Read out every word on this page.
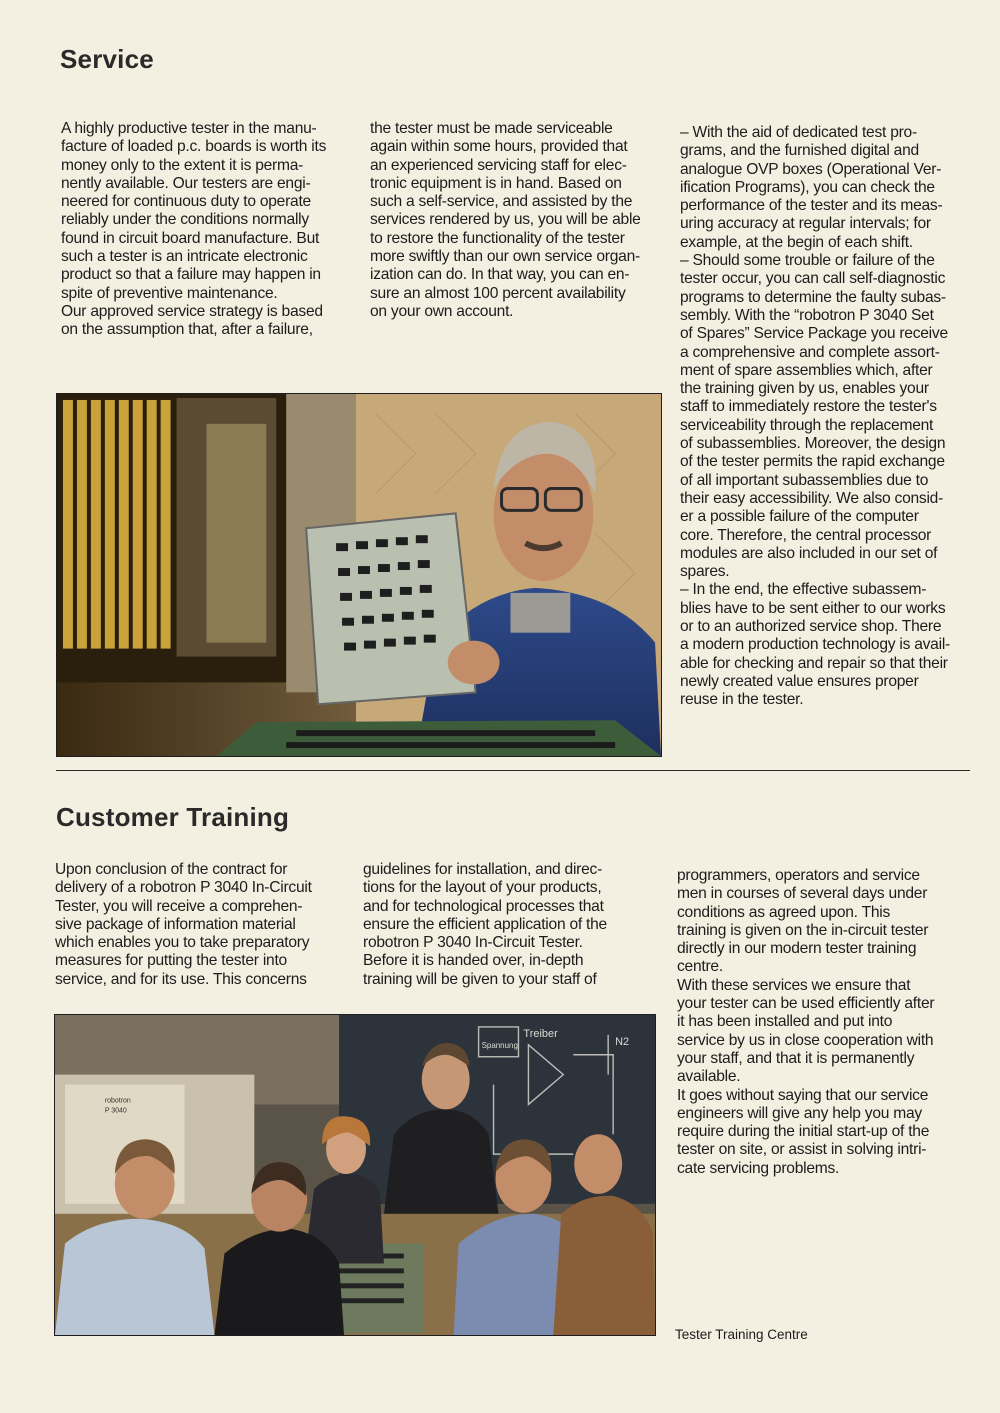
Service

A highly productive tester in the manu-

facture of loaded p.c. boards is worth its

money only to the extent it is perma-

nently available. Our testers are engi-

neered for continuous duty to operate

reliably under the conditions normally

found in circuit board manufacture. But

such a tester is an intricate electronic

product so that a failure may happen in

spite of preventive maintenance.

Our approved service strategy is based

on the assumption that, after a failure,

the tester must be made serviceable

again within some hours, provided that

an experienced servicing staff for elec-

tronic equipment is in hand. Based on

such a self-service, and assisted by the

services rendered by us, you will be able

to restore the functionality of the tester

more swiftly than our own service organ-

ization can do. In that way, you can en-

sure an almost 100 percent availability

on your own account.

– With the aid of dedicated test pro-

grams, and the furnished digital and

analogue OVP boxes (Operational Ver-

ification Programs), you can check the

performance of the tester and its meas-

uring accuracy at regular intervals; for

example, at the begin of each shift.

– Should some trouble or failure of the

tester occur, you can call self-diagnostic

programs to determine the faulty subas-

sembly. With the “robotron P 3040 Set

of Spares” Service Package you receive

a comprehensive and complete assort-

ment of spare assemblies which, after

the training given by us, enables your

staff to immediately restore the tester's

serviceability through the replacement

of subassemblies. Moreover, the design

of the tester permits the rapid exchange

of all important subassemblies due to

their easy accessibility. We also consid-

er a possible failure of the computer

core. Therefore, the central processor

modules are also included in our set of

spares.

– In the end, the effective subassem-

blies have to be sent either to our works

or to an authorized service shop. There

a modern production technology is avail-

able for checking and repair so that their

newly created value ensures proper

reuse in the tester.

Customer Training

Upon conclusion of the contract for

delivery of a robotron P 3040 In-Circuit

Tester, you will receive a comprehen-

sive package of information material

which enables you to take preparatory

measures for putting the tester into

service, and for its use. This concerns

guidelines for installation, and direc-

tions for the layout of your products,

and for technological processes that

ensure the efficient application of the

robotron P 3040 In-Circuit Tester.

Before it is handed over, in-depth

training will be given to your staff of

programmers, operators and service

men in courses of several days under

conditions as agreed upon. This

training is given on the in-circuit tester

directly in our modern tester training

centre.

With these services we ensure that

your tester can be used efficiently after

it has been installed and put into

service by us in close cooperation with

your staff, and that it is permanently

available.

It goes without saying that our service

engineers will give any help you may

require during the initial start-up of the

tester on site, or assist in solving intri-

cate servicing problems.

Treiber
Spannung	N2
robotron
P 3040
Tester Training Centre
